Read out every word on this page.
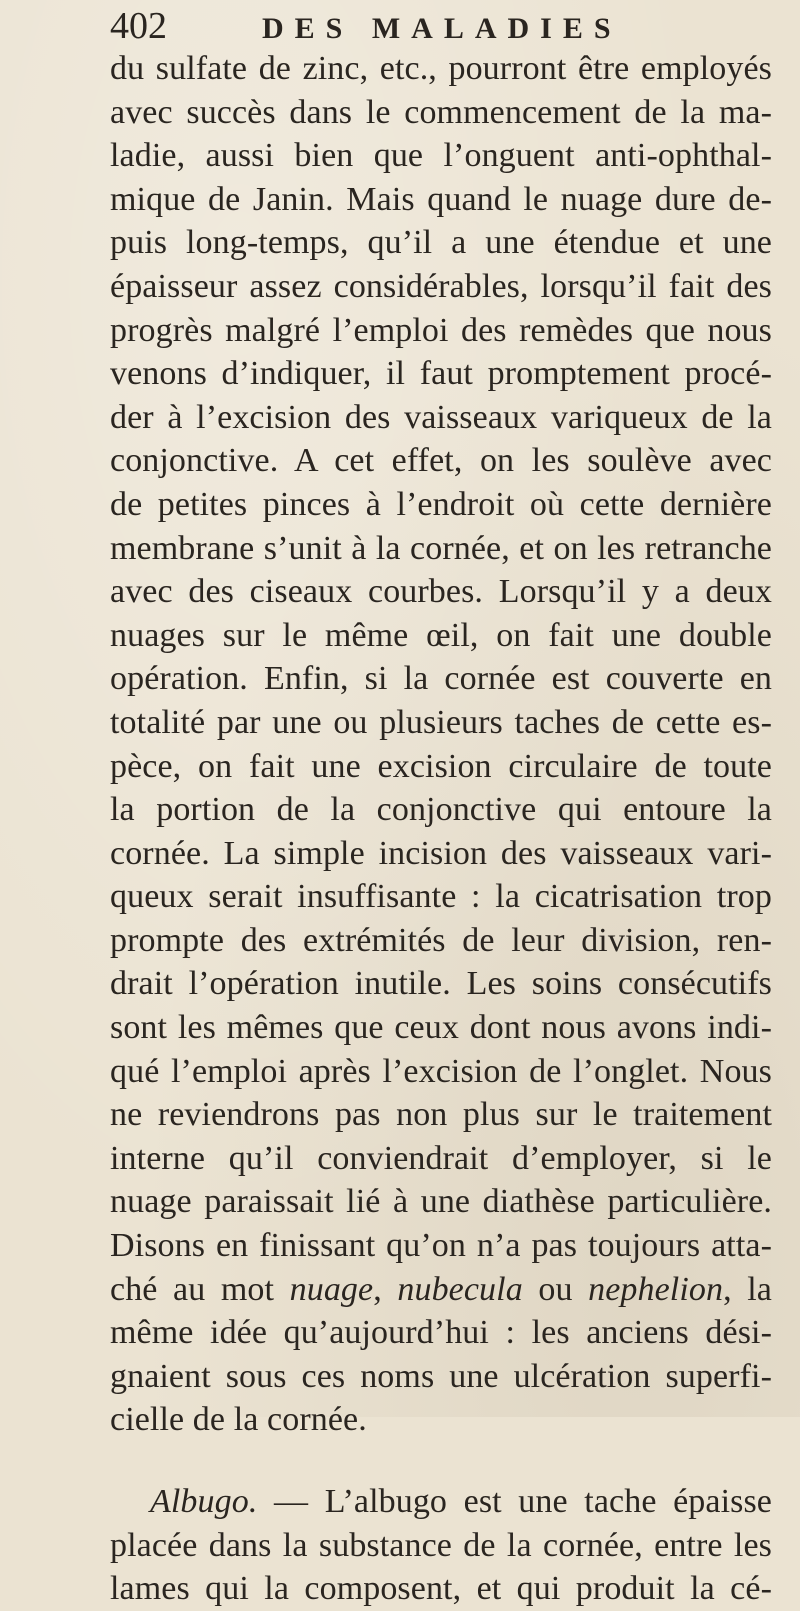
402	DES MALADIES
du sulfate de zinc, etc., pourront être employés
avec succès dans le commencement de la ma-
ladie, aussi bien que l’onguent anti-ophthal-
mique de Janin. Mais quand le nuage dure de-
puis long-temps, qu’il a une étendue et une
épaisseur assez considérables, lorsqu’il fait des
progrès malgré l’emploi des remèdes que nous
venons d’indiquer, il faut promptement procé-
der à l’excision des vaisseaux variqueux de la
conjonctive. A cet effet, on les soulève avec
de petites pinces à l’endroit où cette dernière
membrane s’unit à la cornée, et on les retranche
avec des ciseaux courbes. Lorsqu’il y a deux
nuages sur le même œil, on fait une double
opération. Enfin, si la cornée est couverte en
totalité par une ou plusieurs taches de cette es-
pèce, on fait une excision circulaire de toute
la portion de la conjonctive qui entoure la
cornée. La simple incision des vaisseaux vari-
queux serait insuffisante : la cicatrisation trop
prompte des extrémités de leur division, ren-
drait l’opération inutile. Les soins consécutifs
sont les mêmes que ceux dont nous avons indi-
qué l’emploi après l’excision de l’onglet. Nous
ne reviendrons pas non plus sur le traitement
interne qu’il conviendrait d’employer, si le
nuage paraissait lié à une diathèse particulière.
Disons en finissant qu’on n’a pas toujours atta-
ché au mot nuage, nubecula ou nephelion, la
même idée qu’aujourd’hui : les anciens dési-
gnaient sous ces noms une ulcération superfi-
cielle de la cornée.
Albugo. — L’albugo est une tache épaisse
placée dans la substance de la cornée, entre les
lames qui la composent, et qui produit la cé-
